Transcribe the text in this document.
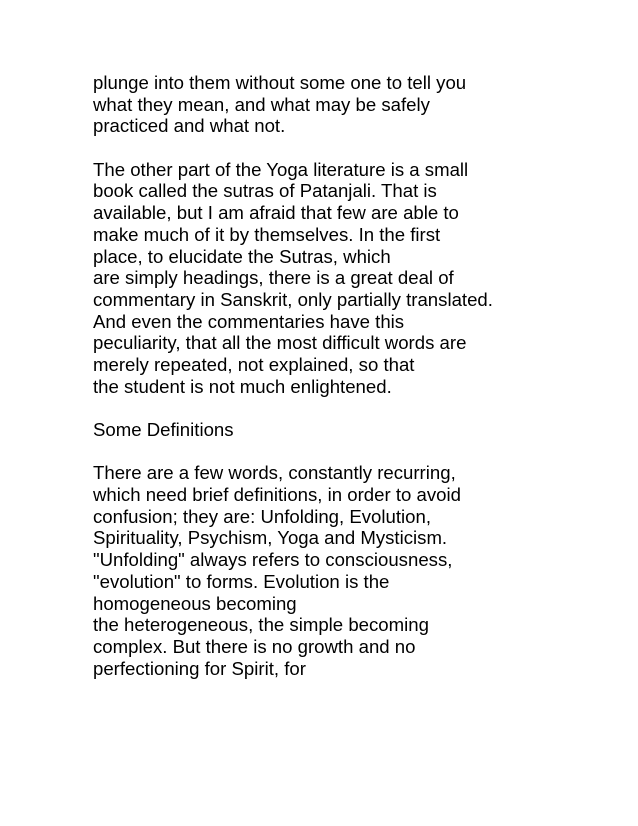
plunge into them without some one to tell you
what they mean, and what may be safely
practiced and what not.
The other part of the Yoga literature is a small
book called the sutras of Patanjali. That is
available, but I am afraid that few are able to
make much of it by themselves. In the first
place, to elucidate the Sutras, which
are simply headings, there is a great deal of
commentary in Sanskrit, only partially translated.
And even the commentaries have this
peculiarity, that all the most difficult words are
merely repeated, not explained, so that
the student is not much enlightened.
Some Definitions
There are a few words, constantly recurring,
which need brief definitions, in order to avoid
confusion; they are: Unfolding, Evolution,
Spirituality, Psychism, Yoga and Mysticism.
"Unfolding" always refers to consciousness,
"evolution" to forms. Evolution is the
homogeneous becoming
the heterogeneous, the simple becoming
complex. But there is no growth and no
perfectioning for Spirit, for
